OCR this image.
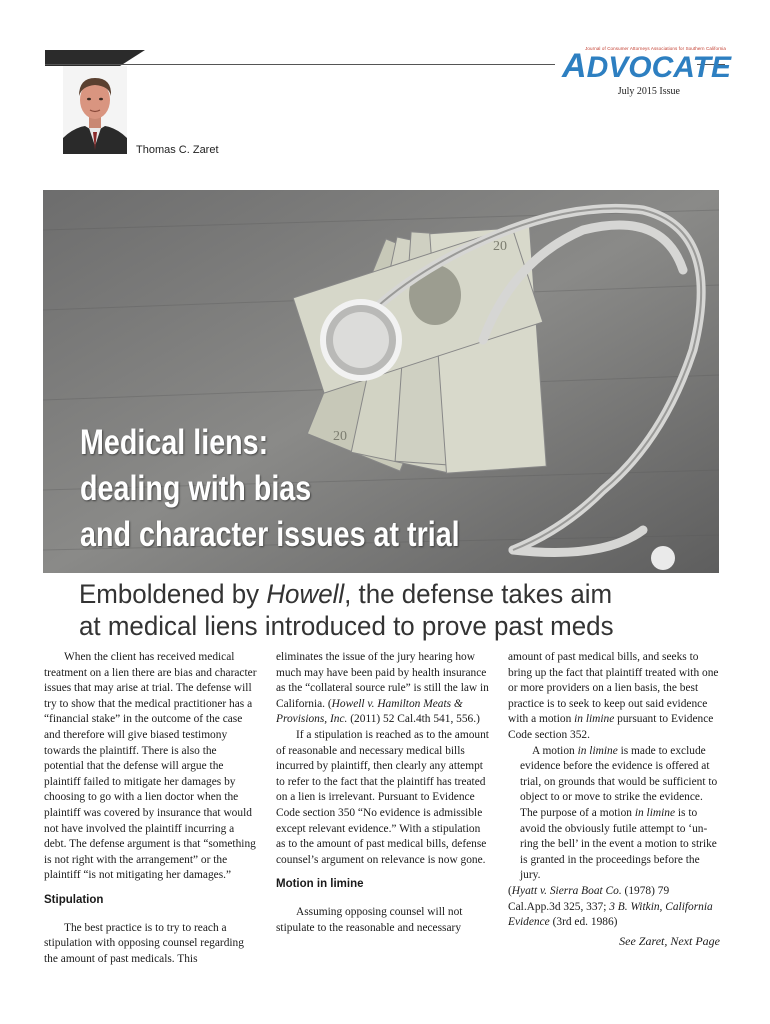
Journal of Consumer Attorneys Associations for Southern California
ADVOCATE
July 2015 Issue
Thomas C. Zaret
20
20
Medical liens:
dealing with bias
and character issues at trial
Emboldened by Howell, the defense takes aim
at medical liens introduced to prove past meds

When the client has received medical treatment on a lien there are bias and character issues that may arise at trial. The defense will try to show that the medical practitioner has a “financial stake” in the outcome of the case and therefore will give biased testimony towards the plaintiff. There is also the potential that the defense will argue the plaintiff failed to mitigate her damages by choosing to go with a lien doctor when the plaintiff was covered by insurance that would not have involved the plaintiff incurring a debt. The defense argument is that “something is not right with the arrangement” or the plaintiff “is not mitigating her damages.”

Stipulation

The best practice is to try to reach a stipulation with opposing counsel regarding the amount of past medicals. This

eliminates the issue of the jury hearing how much may have been paid by health insurance as the “collateral source rule” is still the law in California. (Howell v. Hamilton Meats & Provisions, Inc. (2011) 52 Cal.4th 541, 556.)

If a stipulation is reached as to the amount of reasonable and necessary medical bills incurred by plaintiff, then clearly any attempt to refer to the fact that the plaintiff has treated on a lien is irrelevant. Pursuant to Evidence Code section 350 “No evidence is admissible except relevant evidence.” With a stipulation as to the amount of past medical bills, defense counsel’s argument on relevance is now gone.

Motion in limine

Assuming opposing counsel will not stipulate to the reasonable and necessary

amount of past medical bills, and seeks to bring up the fact that plaintiff treated with one or more providers on a lien basis, the best practice is to seek to keep out said evidence with a motion in limine pursuant to Evidence Code section 352.

A motion in limine is made to exclude evidence before the evidence is offered at trial, on grounds that would be sufficient to object to or move to strike the evidence. The purpose of a motion in limine is to avoid the obviously futile attempt to ‘un-ring the bell’ in the event a motion to strike is granted in the proceedings before the jury.

(Hyatt v. Sierra Boat Co. (1978) 79 Cal.App.3d 325, 337; 3 B. Witkin, California Evidence (3rd ed. 1986)

See Zaret, Next Page
